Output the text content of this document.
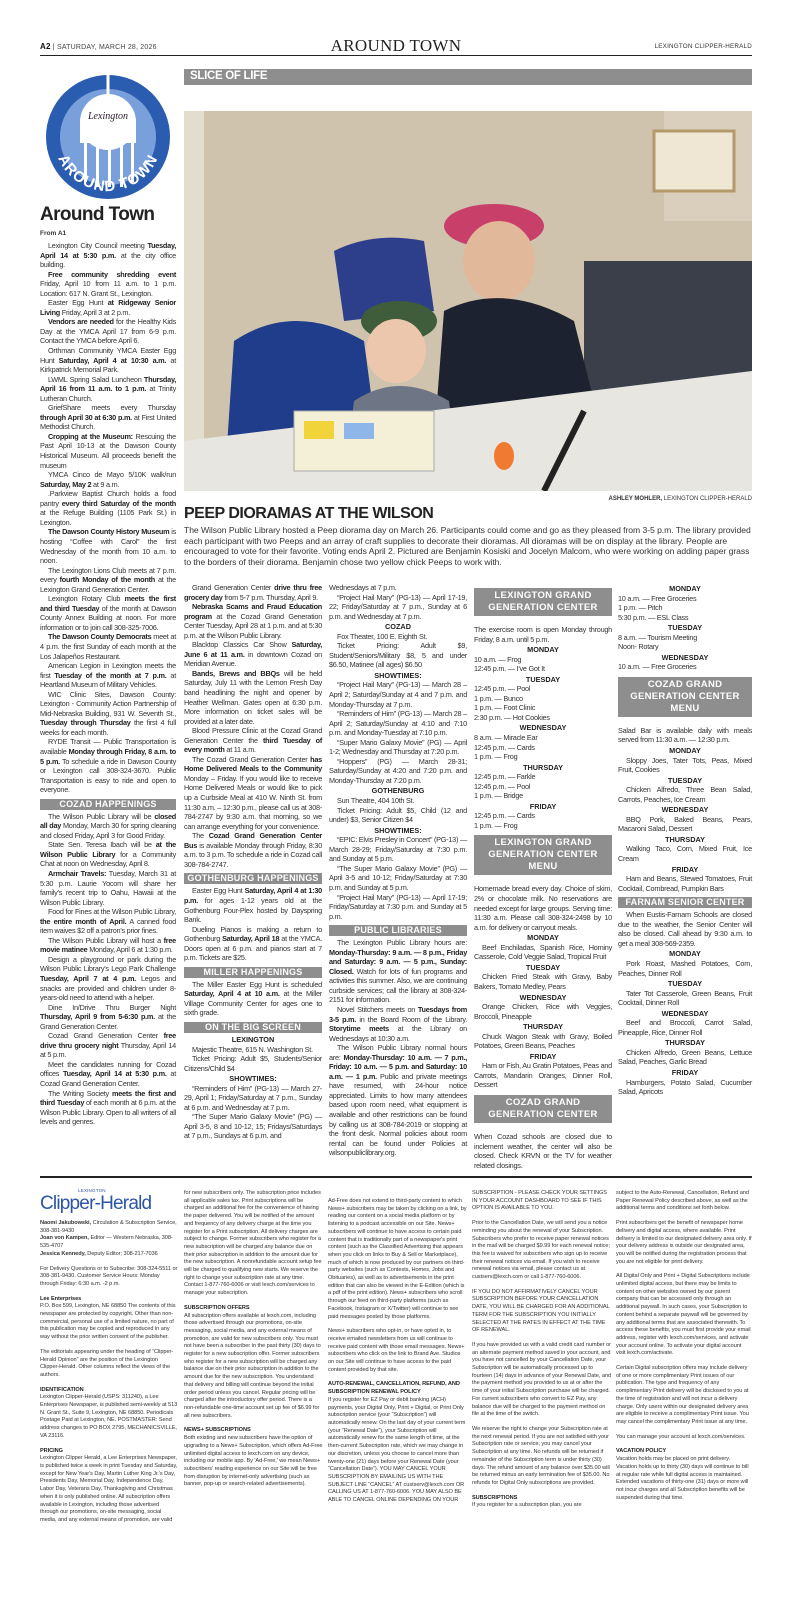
A2 | SATURDAY, MARCH 28, 2026	AROUND TOWN	LEXINGTON CLIPPER-HERALD
SLICE OF LIFE
Lexington
AROUND TOWN
Around Town
From A1
ASHLEY MOHLER, LEXINGTON CLIPPER-HERALD
PEEP DIORAMAS AT THE WILSON
The Wilson Public Library hosted a Peep diorama day on March 26. Participants could come and go as they pleased from 3-5 p.m. The library provided each participant with two Peeps and an array of craft supplies to decorate their dioramas. All dioramas will be on display at the library. People are encouraged to vote for their favorite. Voting ends April 2. Pictured are Benjamin Kosiski and Jocelyn Malcom, who were working on adding paper grass to the borders of their diorama. Benjamin chose two yellow chick Peeps to work with.

Lexington City Council meeting Tuesday, April 14 at 5:30 p.m. at the city office building.

Free community shredding event Friday, April 10 from 11 a.m. to 1 p.m. Location: 617 N. Grant St., Lexington.

Easter Egg Hunt at Ridgeway Senior Living Friday, April 3 at 2 p.m.

Vendors are needed for the Healthy Kids Day at the YMCA April 17 from 6-9 p.m. Contact the YMCA before April 6.

Orthman Community YMCA Easter Egg Hunt Saturday, April 4 at 10:30 a.m. at Kirkpatrick Memorial Park.

LWML Spring Salad Luncheon Thursday, April 16 from 11 a.m. to 1 p.m. at Trinity Lutheran Church.

GriefShare meets every Thursday through April 30 at 6:30 p.m. at First United Methodist Church.

Cropping at the Museum: Rescuing the Past April 10-13 at the Dawson County Historical Museum. All proceeds benefit the museum

YMCA Cinco de Mayo 5/10K walk/run Saturday, May 2 at 9 a.m.

.Parkview Baptist Church holds a food pantry every third Saturday of the month at the Refuge Building (1105 Park St.) in Lexington.

The Dawson County History Museum is hosting “Coffee with Carol” the first Wednesday of the month from 10 a.m. to noon.

The Lexington Lions Club meets at 7 p.m. every fourth Monday of the month at the Lexington Grand Generation Center.

Lexington Rotary Club meets the first and third Tuesday of the month at Dawson County Annex Building at noon. For more information or to join call 308-325-7006.

The Dawson County Democrats meet at 4 p.m. the first Sunday of each month at the Los Jalapeños Restaurant.

American Legion in Lexington meets the first Tuesday of the month at 7 p.m. at Heartland Museum of Military Vehicles.

WIC Clinic Sites, Dawson County: Lexington - Community Action Partnership of Mid-Nebraska Building, 931 W. Seventh St., Tuesday through Thursday the first 4 full weeks for each month.

RYDE Transit — Public Transportation is available Monday through Friday, 8 a.m. to 5 p.m. To schedule a ride in Dawson County or Lexington call 308-324-3670. Public Transportation is easy to ride and open to everyone.

COZAD HAPPENINGS

The Wilson Public Library will be closed all day Monday, March 30 for spring cleaning and closed Friday, April 3 for Good Friday.

State Sen. Teresa Ibach will be at the Wilson Public Library for a Community Chat at noon on Wednesday, April 8.

Armchair Travels: Tuesday, March 31 at 5:30 p.m. Laurie Yocom will share her family's recent trip to Oahu, Hawaii at the Wilson Public Library.

Food for Fines at the Wilson Public Library, the entire month of April. A canned food item waives $2 off a patron's prior fines.

The Wilson Public Library will host a free movie matinee Monday, April 6 at 1:30 p.m.

Design a playground or park during the Wilson Public Library's Lego Park Challenge Tuesday, April 7 at 4 p.m. Legos and snacks are provided and children under 8-years-old need to attend with a helper.

Dine In/Drive Thru Burger Night Thursday, April 9 from 5-6:30 p.m. at the Grand Generation Center.

Cozad Grand Generation Center free drive thru grocery night Thursday, April 14 at 5 p.m.

Meet the candidates running for Cozad offices Tuesday, April 14 at 5:30 p.m. at Cozad Grand Generation Center.

The Writing Society meets the first and third Tuesday of each month at 6 p.m. at the Wilson Public Library. Open to all writers of all levels and genres.

Grand Generation Center drive thru free grocery day from 5-7 p.m. Thursday, April 9.

Nebraska Scams and Fraud Education program at the Cozad Grand Generation Center Tuesday, April 28 at 1 p.m. and at 5:30 p.m. at the Wilson Public Library.

Blacktop Classics Car Show Saturday, June 6 at 11 a.m. in downtown Cozad on Meridian Avenue.

Bands, Brews and BBQs will be held Saturday, July 11 with the Lemon Fresh Day band headlining the night and opener by Heather Wellman. Gates open at 6:30 p.m. More information on ticket sales will be provided at a later date.

Blood Pressure Clinic at the Cozad Grand Generation Center the third Tuesday of every month at 11 a.m.

The Cozad Grand Generation Center has Home Delivered Meals to the Community Monday – Friday. If you would like to receive Home Delivered Meals or would like to pick up a Curbside Meal at 410 W. Ninth St. from 11:30 a.m. – 12:30 p.m., please call us at 308-784-2747 by 9:30 a.m. that morning, so we can arrange everything for your convenience.

The Cozad Grand Generation Center Bus is available Monday through Friday, 8:30 a.m. to 3 p.m. To schedule a ride in Cozad call 308-784-2747.

GOTHENBURG HAPPENINGS

Easter Egg Hunt Saturday, April 4 at 1:30 p.m. for ages 1-12 years old at the Gothenburg Four-Plex hosted by Dayspring Bank.

Dueling Pianos is making a return to Gothenburg Saturday, April 18 at the YMCA. Doors open at 6 p.m. and pianos start at 7 p.m. Tickets are $25.

MILLER HAPPENINGS

The Miller Easter Egg Hunt is scheduled Saturday, April 4 at 10 a.m. at the Miller Village Community Center for ages one to sixth grade.

ON THE BIG SCREEN
LEXINGTON

Majestic Theatre, 615 N. Washington St.

Ticket Pricing: Adult $5, Students/Senior Citizens/Child $4

SHOWTIMES:

“Reminders of Him” (PG-13) — March 27-29, April 1; Friday/Saturday at 7 p.m., Sunday at 6 p.m. and Wednesday at 7 p.m.

“The Super Mario Galaxy Movie” (PG) — April 3-5, 8 and 10-12, 15; Fridays/Saturdays at 7 p.m., Sundays at 6 p.m. and

Wednesdays at 7 p.m.

“Project Hail Mary” (PG-13) — April 17-19, 22; Friday/Saturday at 7 p.m., Sunday at 6 p.m. and Wednesday at 7 p.m.

COZAD

Fox Theater, 100 E. Eighth St.

Ticket Pricing: Adult $9, Student/Seniors/Military $8, 5 and under $6.50, Matinee (all ages) $6.50

SHOWTIMES:

“Project Hail Mary” (PG-13) — March 28 – April 2; Saturday/Sunday at 4 and 7 p.m. and Monday-Thursday at 7 p.m.

“Reminders of Him” (PG-13) — March 28 – April 2; Saturday/Sunday at 4:10 and 7:10 p.m. and Monday-Tuesday at 7:10 p.m.

“Super Mario Galaxy Movie” (PG) — April 1-2; Wednesday and Thursday at 7:20 p.m.

“Hoppers” (PG) — March 28-31; Saturday/Sunday at 4:20 and 7:20 p.m. and Monday-Thursday at 7:20 p.m.

GOTHENBURG

Sun Theatre, 404 10th St.

Ticket Pricing: Adult $5, Child (12 and under) $3, Senior Citizen $4

SHOWTIMES:

“EPIC: Elvis Presley in Concert” (PG-13) — March 28-29; Friday/Saturday at 7:30 p.m. and Sunday at 5 p.m.

“The Super Mario Galaxy Movie” (PG) — April 3-5 and 10-12; Friday/Saturday at 7:30 p.m. and Sunday at 5 p.m.

“Project Hail Mary” (PG-13) — April 17-19; Friday/Saturday at 7:30 p.m. and Sunday at 5 p.m.

PUBLIC LIBRARIES

The Lexington Public Library hours are: Monday-Thursday: 9 a.m. — 8 p.m., Friday and Saturday: 9 a.m. — 5 p.m., Sunday: Closed. Watch for lots of fun programs and activities this summer. Also, we are continuing curbside services; call the library at 308-324-2151 for information.

Novel Stitchers meets on Tuesdays from 3-5 p.m. in the Board Room of the Library. Storytime meets at the Library on Wednesdays at 10:30 a.m.

The Wilson Public Library normal hours are: Monday-Thursday: 10 a.m. — 7 p.m., Friday: 10 a.m. — 5 p.m. and Saturday: 10 a.m. — 1 p.m. Public and private meetings have resumed, with 24-hour notice appreciated. Limits to how many attendees based upon room need, what equipment is available and other restrictions can be found by calling us at 308-784-2019 or stopping at the front desk. Normal policies about room rental can be found under Policies at wilsonpubliclibrary.org.

LEXINGTON GRAND GENERATION CENTER

The exercise room is open Monday through Friday, 8 a.m. until 5 p.m.

MONDAY
10 a.m. — Frog
12:45 p.m. — I've Got It
TUESDAY
12:45 p.m. — Pool
1 p.m. — Bunco
1 p.m. — Foot Clinic
2:30 p.m. — Hot Cookies
WEDNESDAY
8 a.m. — Miracle Ear
12:45 p.m. — Cards
1 p.m. — Frog
THURSDAY
12:45 p.m. — Farkle
12:45 p.m. — Pool
1 p.m. — Bridge
FRIDAY
12:45 p.m. — Cards
1 p.m. — Frog
LEXINGTON GRAND GENERATION CENTER MENU

Homemade bread every day. Choice of skim, 2% or chocolate milk. No reservations are needed except for large groups. Serving time: 11:30 a.m. Please call 308-324-2498 by 10 a.m. for delivery or carryout meals.

MONDAY

Beef Enchiladas, Spanish Rice, Hominy Casserole, Cold Veggie Salad, Tropical Fruit

TUESDAY

Chicken Fried Steak with Gravy, Baby Bakers, Tomato Medley, Pears

WEDNESDAY

Orange Chicken, Rice with Veggies, Broccoli, Pineapple

THURSDAY

Chuck Wagon Steak with Gravy, Boiled Potatoes, Green Beans, Peaches

FRIDAY

Ham or Fish, Au Gratin Potatoes, Peas and Carrots, Mandarin Oranges, Dinner Roll, Dessert

COZAD GRAND GENERATION CENTER

When Cozad schools are closed due to inclement weather, the center will also be closed. Check KRVN or the TV for weather related closings.

MONDAY
10 a.m. — Free Groceries
1 p.m. — Pitch
5:30 p.m. — ESL Class
TUESDAY
8 a.m. — Tourism Meeting
Noon- Rotary
WEDNESDAY
10 a.m. — Free Groceries
COZAD GRAND GENERATION CENTER MENU

Salad Bar is available daily with meals served from 11:30 a.m. — 12:30 p.m.

MONDAY

Sloppy Joes, Tater Tots, Peas, Mixed Fruit, Cookies

TUESDAY

Chicken Alfredo, Three Bean Salad, Carrots, Peaches, Ice Cream

WEDNESDAY

BBQ Pork, Baked Beans, Pears, Macaroni Salad, Dessert

THURSDAY

Walking Taco, Corn, Mixed Fruit, Ice Cream

FRIDAY

Ham and Beans, Stewed Tomatoes, Fruit Cocktail, Cornbread, Pumpkin Bars

FARNAM SENIOR CENTER

When Eustis-Farnam Schools are closed due to the weather, the Senior Center will also be closed. Call ahead by 9:30 a.m. to get a meal 308-569-2359.

MONDAY

Pork Roast, Mashed Potatoes, Corn, Peaches, Dinner Roll

TUESDAY

Tater Tot Casserole, Green Beans, Fruit Cocktail, Dinner Roll

WEDNESDAY

Beef and Broccoli, Carrot Salad, Pineapple, Rice, Dinner Roll

THURSDAY

Chicken Alfredo, Green Beans, Lettuce Salad, Peaches, Garlic Bread

FRIDAY

Hamburgers, Potato Salad, Cucumber Salad, Apricots

LEXINGTON
Clipper-Herald

Naomi Jakubowski, Circulation & Subscription Service, 308-381-9430

Joan von Kampen, Editor — Western Nebraska, 308-535-4707

Jessica Kennedy, Deputy Editor; 308-217-7036

For Delivery Questions or to Subscribe: 308-324-5511 or 308-381-9430. Customer Service Hours: Monday through Friday: 6:30 a.m. -2 p.m.

Lee Enterprises

P.O. Box 599, Lexington, NE 68850 The contents of this newspaper are protected by copyright. Other than non-commercial, personal use of a limited nature, no part of this publication may be copied and reproduced in any way without the prior written consent of the publisher.

The editorials appearing under the heading of “Clipper-Herald Opinion” are the position of the Lexington Clipper-Herald. Other columns reflect the views of the authors.

IDENTIFICATION

Lexington Clipper-Herald (USPS: 311240), a Lee Enterprises Newspaper, is published semi-weekly at 513 N. Grant St., Suite 9, Lexington, NE 68850. Periodicals Postage Paid at Lexington, NE. POSTMASTER: Send address changes to PO BOX 2795, MECHANICSVILLE, VA 23116.

PRICING

Lexington Clipper Herald, a Lee Enterprises Newspaper, is published twice a week in print Tuesday and Saturday, except for New Year's Day, Martin Luther King Jr.'s Day, Presidents Day, Memorial Day, Independence Day, Labor Day, Veterans Day, Thanksgiving and Christmas when it is only published online. All subscription offers available in Lexington, including those advertised through our promotions, on-site messaging, social media, and any external means of promotion, are valid

for new subscribers only. The subscription price includes all applicable sales tax. Print subscriptions will be charged an additional fee for the convenience of having the paper delivered. You will be notified of the amount and frequency of any delivery charge at the time you register for a Print subscription. All delivery charges are subject to change. Former subscribers who register for a new subscription will be charged any balance due on their prior subscription in addition to the amount due for the new subscription. A nonrefundable account setup fee will be charged to qualifying new starts. We reserve the right to change your subscription rate at any time. Contact 1-877-760-6006 or visit lexch.com/services to manage your subscription.

SUBSCRIPTION OFFERS

All subscription offers available at lexch.com, including those advertised through our promotions, on-site messaging, social media, and any external means of promotion, are valid for new subscribers only. You must not have been a subscriber in the past thirty (30) days to register for a new subscription offer. Former subscribers who register for a new subscription will be charged any balance due on their prior subscription in addition to the amount due for the new subscription. You understand that delivery and billing will continue beyond the initial order period unless you cancel. Regular pricing will be charged after the introductory offer period. There is a non-refundable one-time account set up fee of $6.99 for all new subscribers.

NEWS+ SUBSCRIPTIONS

Both existing and new subscribers have the option of upgrading to a News+ Subscription, which offers Ad-Free unlimited digital access to lexch.com on any device, including our mobile app. By 'Ad-Free,' we mean News+ subscribers' reading experience on our Site will be free from disruption by internet-only advertising (such as banner, pop-up or search-related advertisements).

Ad-Free does not extend to third-party content to which News+ subscribers may be taken by clicking on a link, by reading our content on a social media platform or by listening to a podcast accessible on our Site. News+ subscribers will continue to have access to certain paid content that is traditionally part of a newspaper's print content (such as the Classified Advertising that appears when you click on links to Buy & Sell or Marketplace), much of which is now produced by our partners on third-party websites (such as Contests, Homes, Jobs and Obituaries), as well as to advertisements in the print edition that can also be viewed in the E-Edition (which is a pdf of the print edition). News+ subscribers who scroll through our feed on third-party platforms (such as Facebook, Instagram or X/Twitter) will continue to see paid messages posted by those platforms.

News+ subscribers who opt-in, or have opted in, to receive emailed newsletters from us will continue to receive paid content with those email messages. News+ subscribers who click on the link to Brand Ave. Studios on our Site will continue to have access to the paid content provided by that site.

AUTO-RENEWAL, CANCELLATION, REFUND, AND SUBSCRIPTION RENEWAL POLICY

If you register for EZ Pay or debit banking (ACH) payments, your Digital Only, Print + Digital, or Print Only subscription service (your “Subscription”) will automatically renew. On the last day of your current term (your “Renewal Date”), your Subscription will automatically renew for the same length of time, at the then-current Subscription rate, which we may change in our discretion, unless you choose to cancel more than twenty-one (21) days before your Renewal Date (your “Cancellation Date”). YOU MAY CANCEL YOUR SUBSCRIPTION BY EMAILING US WITH THE SUBJECT LINE “CANCEL” AT custserv@lexch.com OR CALLING US AT 1-877-760-6006. YOU MAY ALSO BE ABLE TO CANCEL ONLINE DEPENDING ON YOUR

SUBSCRIPTION - PLEASE CHECK YOUR SETTINGS IN YOUR ACCOUNT DASHBOARD TO SEE IF THIS OPTION IS AVAILABLE TO YOU.

Prior to the Cancellation Date, we will send you a notice reminding you about the renewal of your Subscription. Subscribers who prefer to receive paper renewal notices in the mail will be charged $9.99 for each renewal notice; this fee is waived for subscribers who sign up to receive their renewal notices via email. If you wish to receive renewal notices via email, please contact us at custserv@lexch.com or call 1-877-760-6006.

IF YOU DO NOT AFFIRMATIVELY CANCEL YOUR SUBSCRIPTION BEFORE YOUR CANCELLATION DATE, YOU WILL BE CHARGED FOR AN ADDITIONAL TERM FOR THE SUBSCRIPTION YOU INITIALLY SELECTED AT THE RATES IN EFFECT AT THE TIME OF RENEWAL.

If you have provided us with a valid credit card number or an alternate payment method saved in your account, and you have not cancelled by your Cancellation Date, your Subscription will be automatically processed up to fourteen (14) days in advance of your Renewal Date, and the payment method you provided to us at or after the time of your initial Subscription purchase will be charged. For current subscribers who convert to EZ Pay, any balance due will be charged to the payment method on file at the time of the switch.

We reserve the right to change your Subscription rate at the next renewal period. If you are not satisfied with your Subscription rate or service, you may cancel your Subscription at any time. No refunds will be returned if remainder of the Subscription term is under thirty (30) days. The refund amount of any balance over $35.00 will be returned minus an early termination fee of $35.00. No refunds for Digital Only subscriptions are provided.

SUBSCRIPTIONS

If you register for a subscription plan, you are

subject to the Auto-Renewal, Cancellation, Refund and Paper Renewal Policy described above, as well as the additional terms and conditions set forth below.

Print subscribers get the benefit of newspaper home delivery and digital access, where available. Print delivery is limited to our designated delivery area only. If your delivery address is outside our designated area, you will be notified during the registration process that you are not eligible for print delivery.

All Digital Only and Print + Digital Subscriptions include unlimited digital access, but there may be limits to content on other websites owned by our parent company that can be accessed only through an additional paywall. In such cases, your Subscription to content behind a separate paywall will be governed by any additional terms that are associated therewith. To access these benefits, you must first provide your email address, register with lexch.com/services, and activate your account online. To activate your digital account visit lexch.com/activate.

Certain Digital subscription offers may include delivery of one or more complimentary Print issues of our publication. The type and frequency of any complimentary Print delivery will be disclosed to you at the time of registration and will not incur a delivery charge. Only users within our designated delivery area are eligible to receive a complimentary Print issue. You may cancel the complimentary Print issue at any time.

You can manage your account at lexch.com/services.

VACATION POLICY

Vacation holds may be placed on print delivery. Vacation holds up to thirty (30) days will continue to bill at regular rate while full digital access is maintained. Extended vacations of thirty-one (31) days or more will not incur charges and all Subscription benefits will be suspended during that time.
